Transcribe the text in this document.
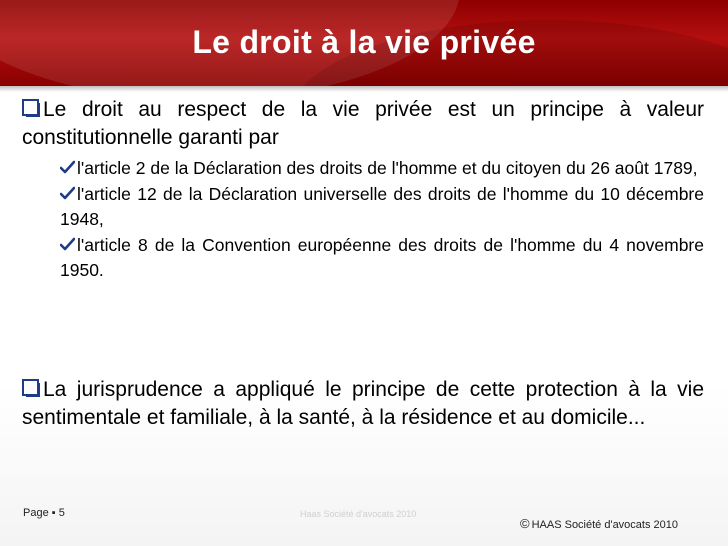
Le droit à la vie privée

Le droit au respect de la vie privée est un principe à valeur constitutionnelle garanti par

l'article 2 de la Déclaration des droits de l'homme et du citoyen du 26 août 1789,
l'article 12 de la Déclaration universelle des droits de l'homme du 10 décembre 1948,
l'article 8 de la Convention européenne des droits de l'homme du 4 novembre 1950.

La jurisprudence a appliqué le principe de cette protection à la vie sentimentale et familiale, à la santé, à la résidence et au domicile...

Page ▪ 5	Haas Société d'avocats 2010
© HAAS Société d'avocats 2010
